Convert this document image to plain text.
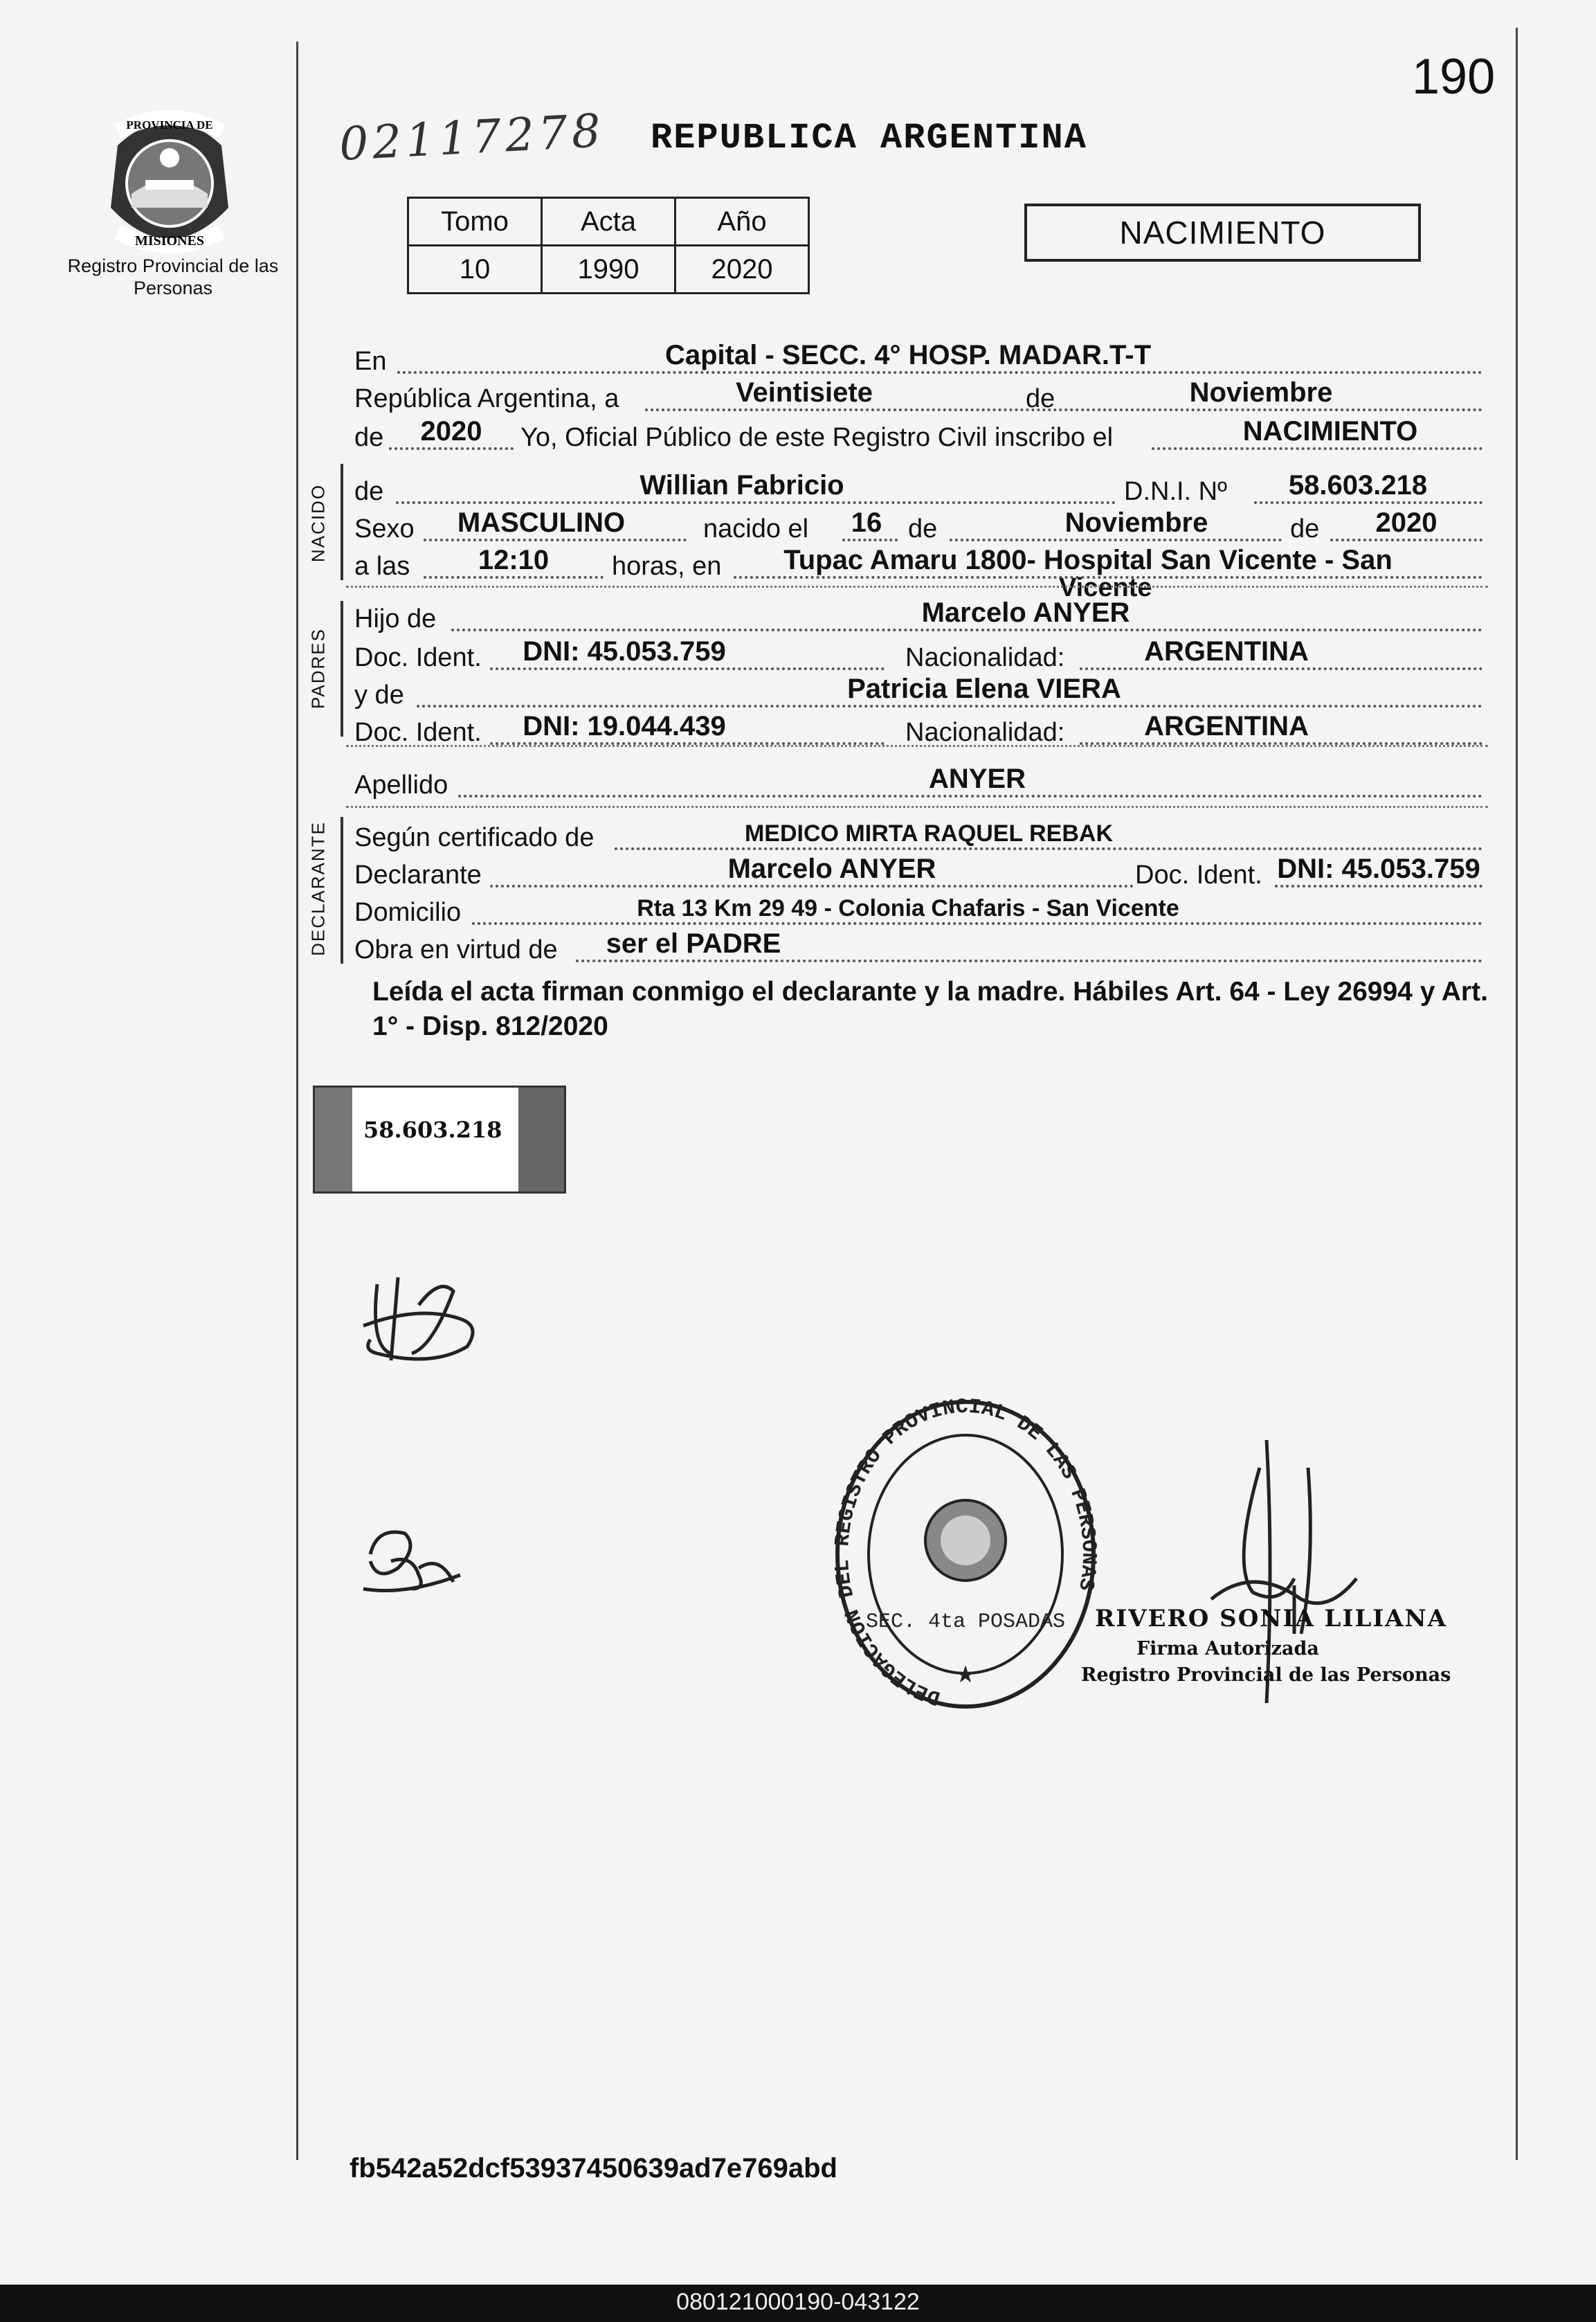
190
PROVINCIA DE
MISIONES
Registro Provincial de las Personas
02117278 REPUBLICA ARGENTINA
Tomo	Acta	Año
10	1990	2020
NACIMIENTO
En	Capital - SECC. 4° HOSP. MADAR.T-T
República Argentina, a	Veintisiete	de	Noviembre
de	2020	Yo, Oficial Público de este Registro Civil inscribo el	NACIMIENTO
NACIDO de	Willian Fabricio	D.N.I. Nº	58.603.218
Sexo	MASCULINO	nacido el	16 de	Noviembre	de	2020
a las	12:10	horas, en	Tupac Amaru 1800- Hospital San Vicente - San
Vicente
PADRES
Hijo de	Marcelo ANYER
Doc. Ident.	DNI: 45.053.759	Nacionalidad:	ARGENTINA
y de	Patricia Elena VIERA
Doc. Ident.	DNI: 19.044.439	Nacionalidad:	ARGENTINA
Apellido	ANYER
DECLARANTE Según certificado de	MEDICO MIRTA RAQUEL REBAK
Declarante	Marcelo ANYER	Doc. Ident. DNI: 45.053.759
Domicilio	Rta 13 Km 29 49 - Colonia Chafaris - San Vicente
Obra en virtud de	ser el PADRE
Leída el acta firman conmigo el declarante y la madre. Hábiles Art. 64 - Ley 26994 y Art. 1° - Disp. 812/2020
58.603.218
DELEGACION DEL REGISTRO PROVINCIAL DE LAS PERSONAS
SEC. 4ta POSADAS
★
RIVERO SONIA LILIANA
Firma Autorizada
Registro Provincial de las Personas
fb542a52dcf53937450639ad7e769abd
080121000190-043122
